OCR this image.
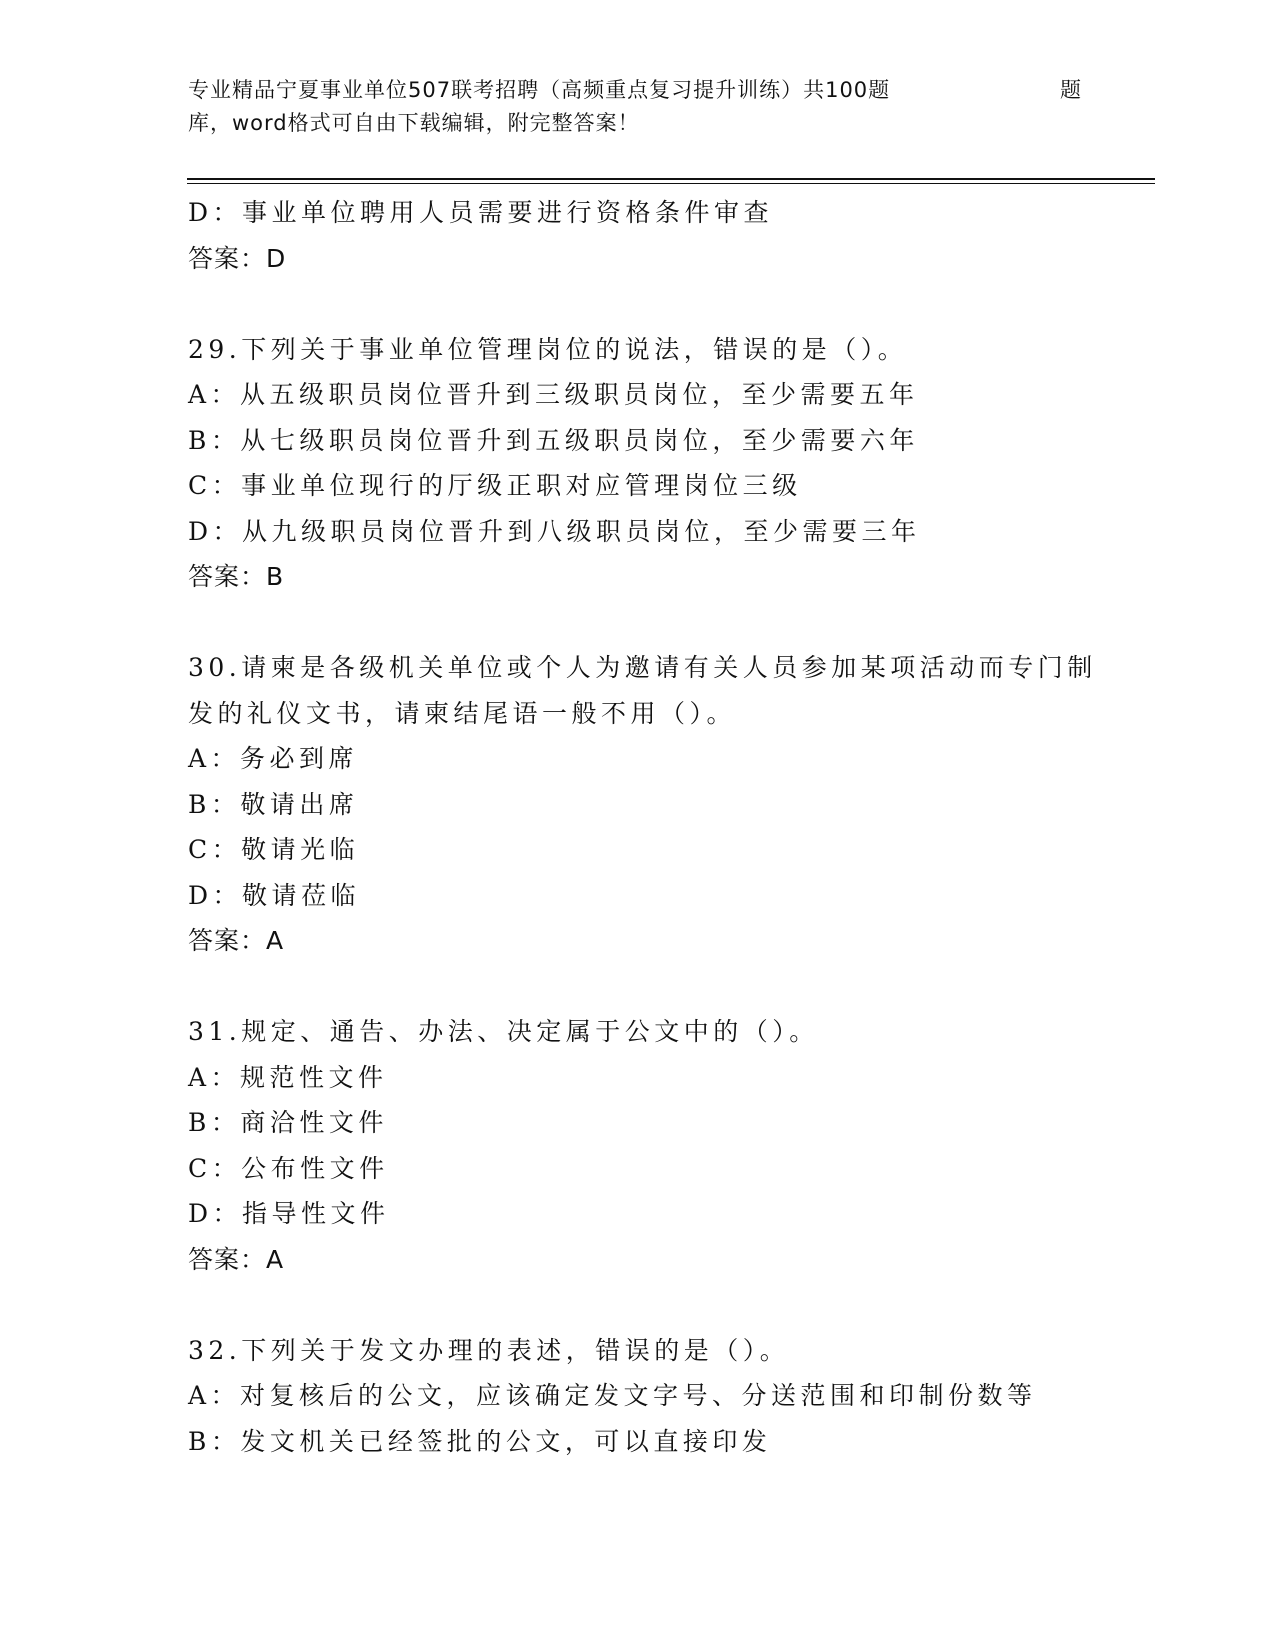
专业精品宁夏事业单位507联考招聘（高频重点复习提升训练）共100题	题
库，word格式可自由下载编辑，附完整答案！
D：事业单位聘用人员需要进行资格条件审查
答案：D
29.下列关于事业单位管理岗位的说法，错误的是（）。
A：从五级职员岗位晋升到三级职员岗位，至少需要五年
B：从七级职员岗位晋升到五级职员岗位，至少需要六年
C：事业单位现行的厅级正职对应管理岗位三级
D：从九级职员岗位晋升到八级职员岗位，至少需要三年
答案：B
30.请柬是各级机关单位或个人为邀请有关人员参加某项活动而专门制
发的礼仪文书，请柬结尾语一般不用（）。
A：务必到席
B：敬请出席
C：敬请光临
D：敬请莅临
答案：A
31.规定、通告、办法、决定属于公文中的（）。
A：规范性文件
B：商洽性文件
C：公布性文件
D：指导性文件
答案：A
32.下列关于发文办理的表述，错误的是（）。
A：对复核后的公文，应该确定发文字号、分送范围和印制份数等
B：发文机关已经签批的公文，可以直接印发
